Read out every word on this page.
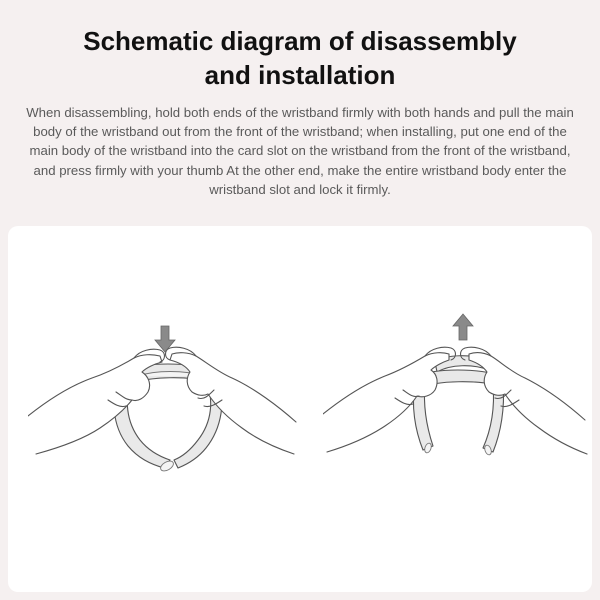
Schematic diagram of disassembly
and installation

When disassembling, hold both ends of the wristband firmly with both hands and pull the main body of the wristband out from the front of the wristband; when installing, put one end of the main body of the wristband into the card slot on the wristband from the front of the wristband, and press firmly with your thumb At the other end, make the entire wristband body enter the wristband slot and lock it firmly.
